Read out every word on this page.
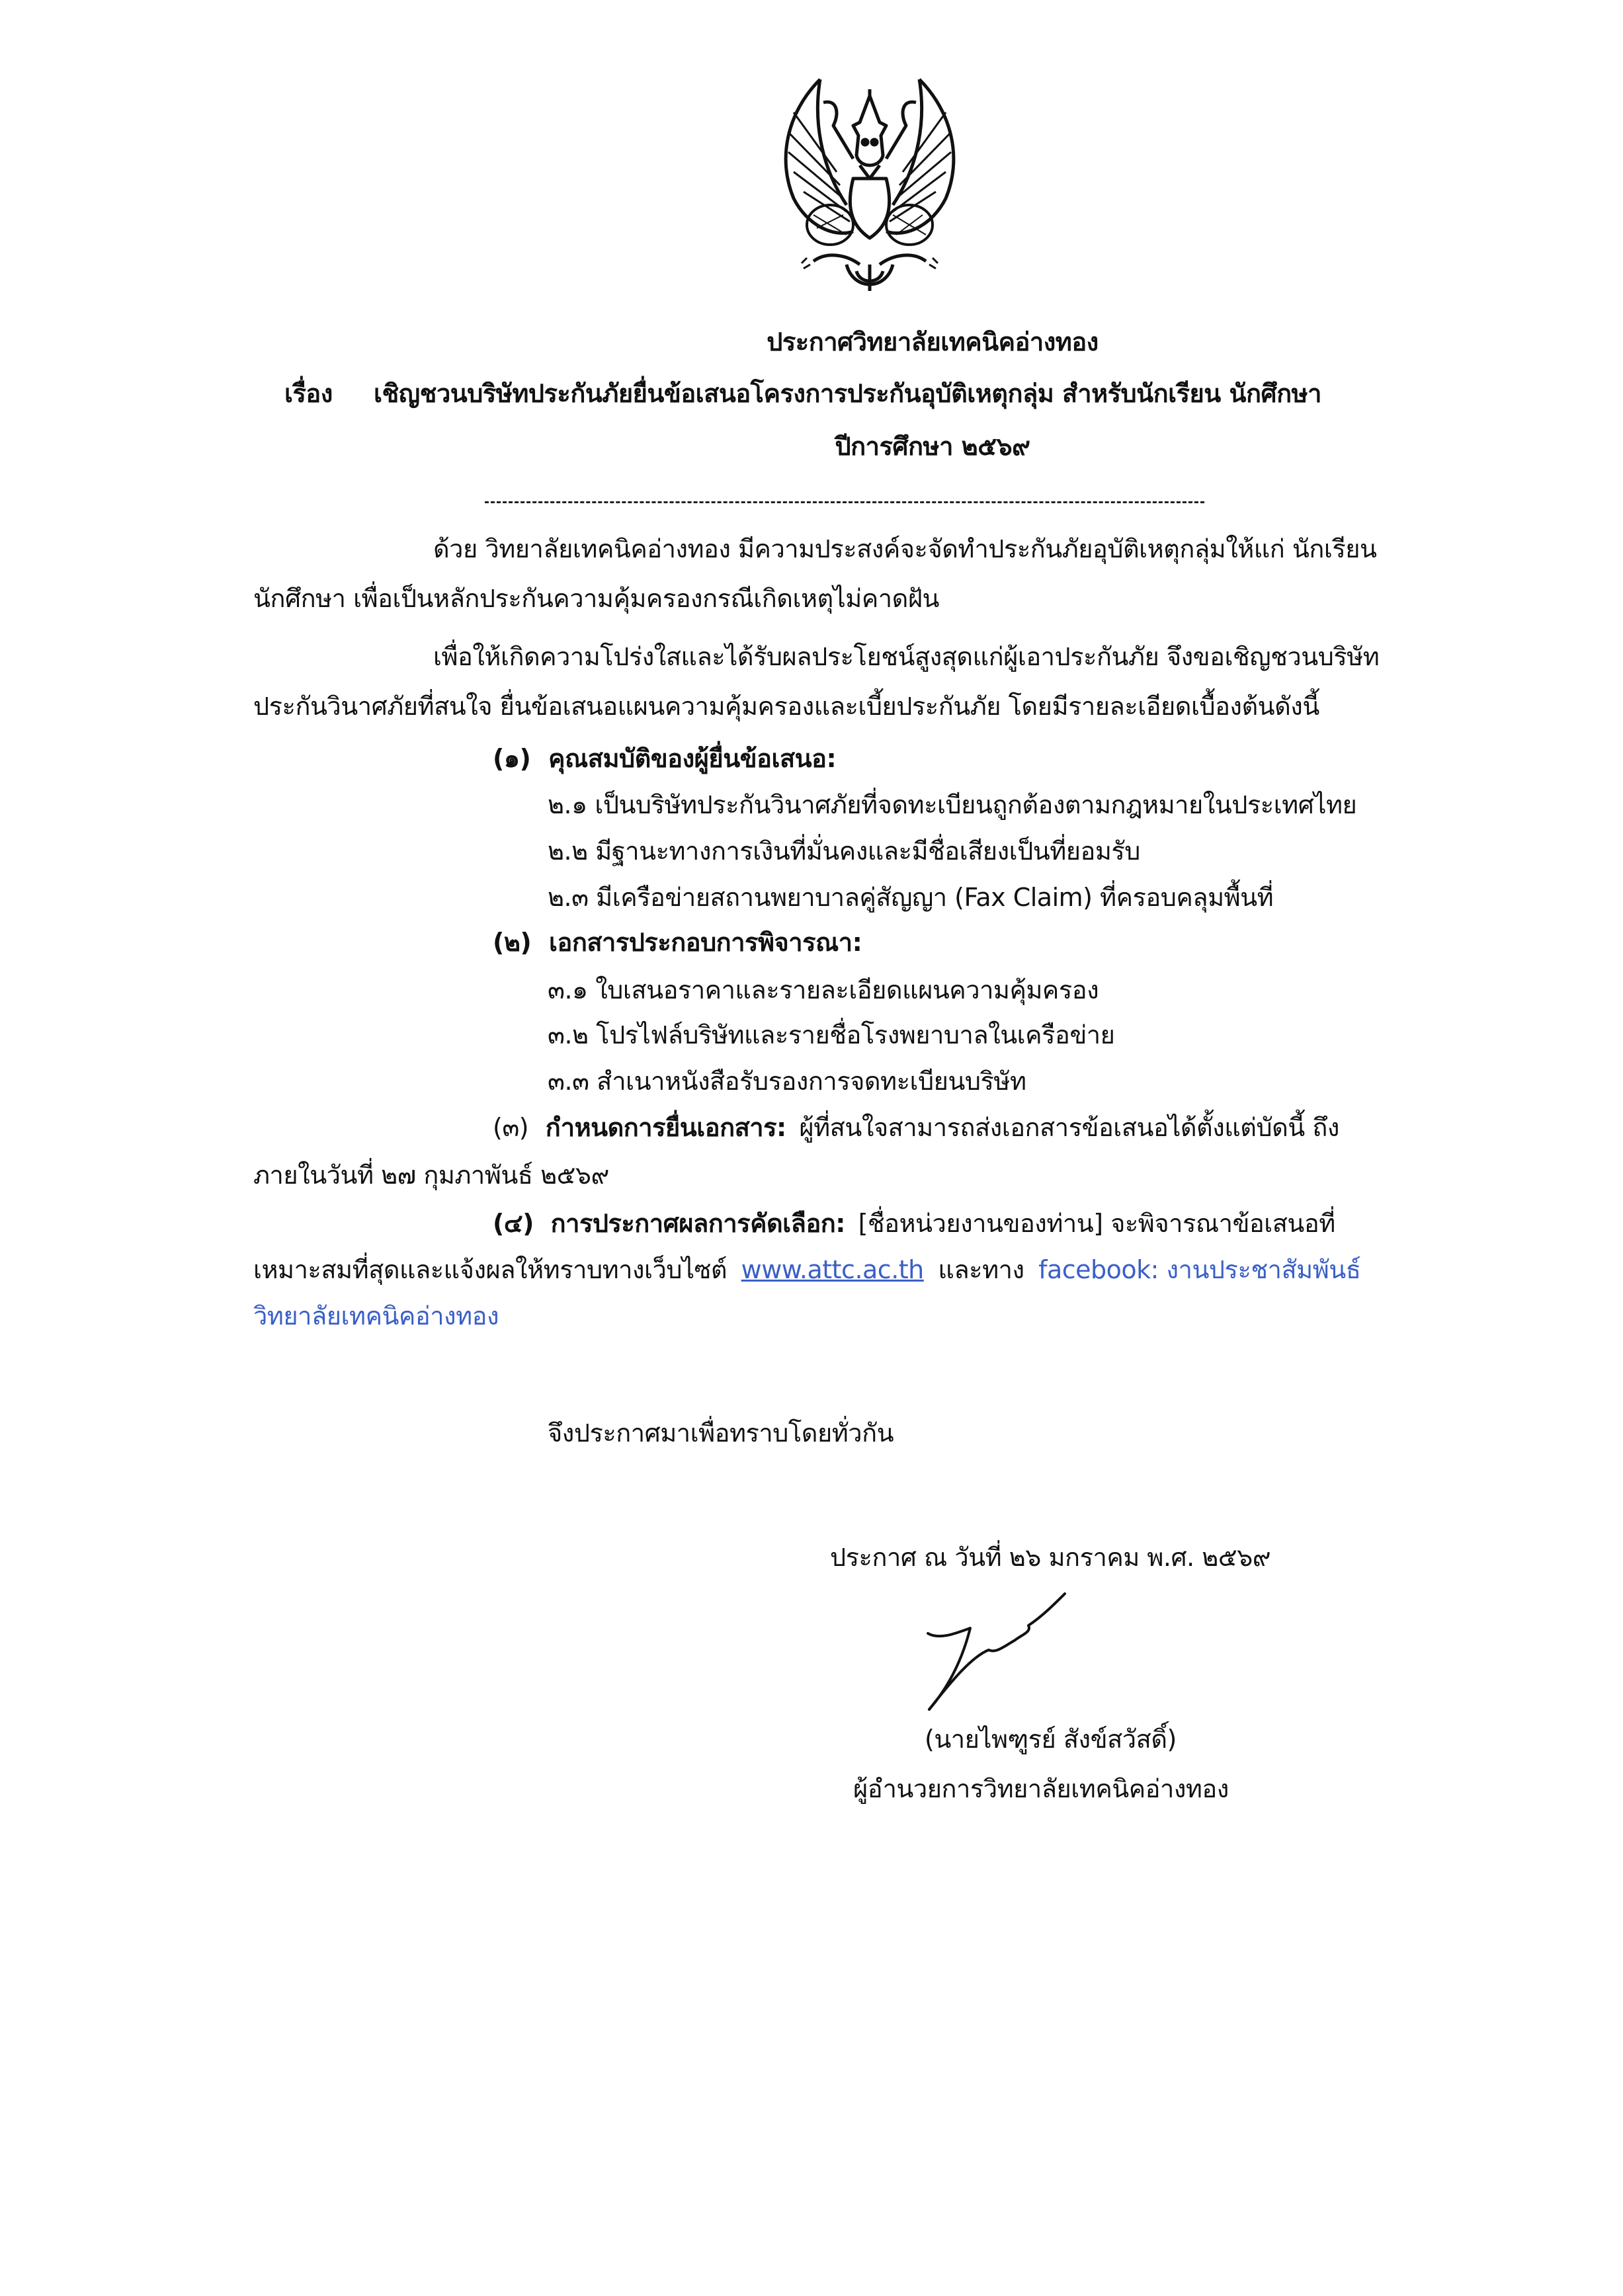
ประกาศวิทยาลัยเทคนิคอ่างทอง
เรื่อง เชิญชวนบริษัทประกันภัยยื่นข้อเสนอโครงการประกันอุบัติเหตุกลุ่ม สำหรับนักเรียน นักศึกษา
ปีการศึกษา ๒๕๖๙
ด้วย วิทยาลัยเทคนิคอ่างทอง มีความประสงค์จะจัดทำประกันภัยอุบัติเหตุกลุ่มให้แก่ นักเรียน
นักศึกษา เพื่อเป็นหลักประกันความคุ้มครองกรณีเกิดเหตุไม่คาดฝัน
เพื่อให้เกิดความโปร่งใสและได้รับผลประโยชน์สูงสุดแก่ผู้เอาประกันภัย จึงขอเชิญชวนบริษัท
ประกันวินาศภัยที่สนใจ ยื่นข้อเสนอแผนความคุ้มครองและเบี้ยประกันภัย โดยมีรายละเอียดเบื้องต้นดังนี้
(๑) คุณสมบัติของผู้ยื่นข้อเสนอ:
๒.๑ เป็นบริษัทประกันวินาศภัยที่จดทะเบียนถูกต้องตามกฎหมายในประเทศไทย
๒.๒ มีฐานะทางการเงินที่มั่นคงและมีชื่อเสียงเป็นที่ยอมรับ
๒.๓ มีเครือข่ายสถานพยาบาลคู่สัญญา (Fax Claim) ที่ครอบคลุมพื้นที่
(๒) เอกสารประกอบการพิจารณา:
๓.๑ ใบเสนอราคาและรายละเอียดแผนความคุ้มครอง
๓.๒ โปรไฟล์บริษัทและรายชื่อโรงพยาบาลในเครือข่าย
๓.๓ สำเนาหนังสือรับรองการจดทะเบียนบริษัท
(๓) กำหนดการยื่นเอกสาร: ผู้ที่สนใจสามารถส่งเอกสารข้อเสนอได้ตั้งแต่บัดนี้ ถึง
ภายในวันที่ ๒๗ กุมภาพันธ์ ๒๕๖๙
(๔) การประกาศผลการคัดเลือก: [ชื่อหน่วยงานของท่าน] จะพิจารณาข้อเสนอที่
เหมาะสมที่สุดและแจ้งผลให้ทราบทางเว็บไซต์ www.attc.ac.th และทาง facebook: งานประชาสัมพันธ์
วิทยาลัยเทคนิคอ่างทอง
จึงประกาศมาเพื่อทราบโดยทั่วกัน
ประกาศ ณ วันที่ ๒๖ มกราคม พ.ศ. ๒๕๖๙
(นายไพฑูรย์ สังข์สวัสดิ์)
ผู้อำนวยการวิทยาลัยเทคนิคอ่างทอง
